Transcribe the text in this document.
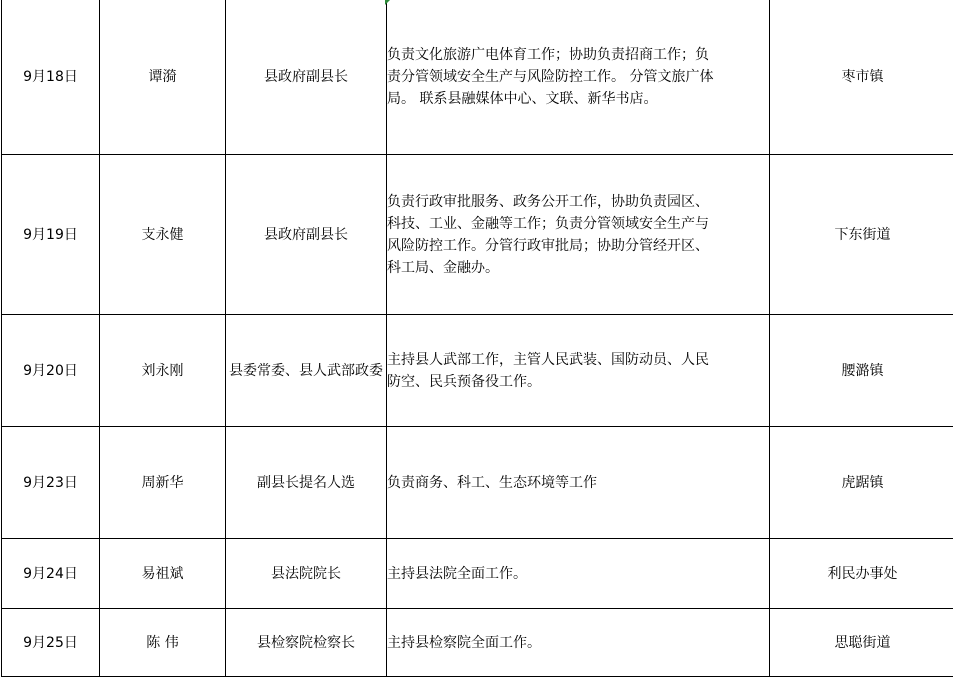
9月18日	谭漪	县政府副县长	负责文化旅游广电体育工作；协助负责招商工作；负
责分管领域安全生产与风险防控工作。 分管文旅广体
局。 联系县融媒体中心、文联、新华书店。	枣市镇
9月19日	支永健	县政府副县长	负责行政审批服务、政务公开工作，协助负责园区、
科技、工业、金融等工作；负责分管领域安全生产与
风险防控工作。分管行政审批局；协助分管经开区、
科工局、金融办。	下东街道
9月20日	刘永刚	县委常委、县人武部政委	主持县人武部工作，主管人民武装、国防动员、人民
防空、民兵预备役工作。	腰潞镇
9月23日	周新华	副县长提名人选	负责商务、科工、生态环境等工作	虎踞镇
9月24日	易祖斌	县法院院长	主持县法院全面工作。	利民办事处
9月25日	陈 伟	县检察院检察长	主持县检察院全面工作。	思聪街道
